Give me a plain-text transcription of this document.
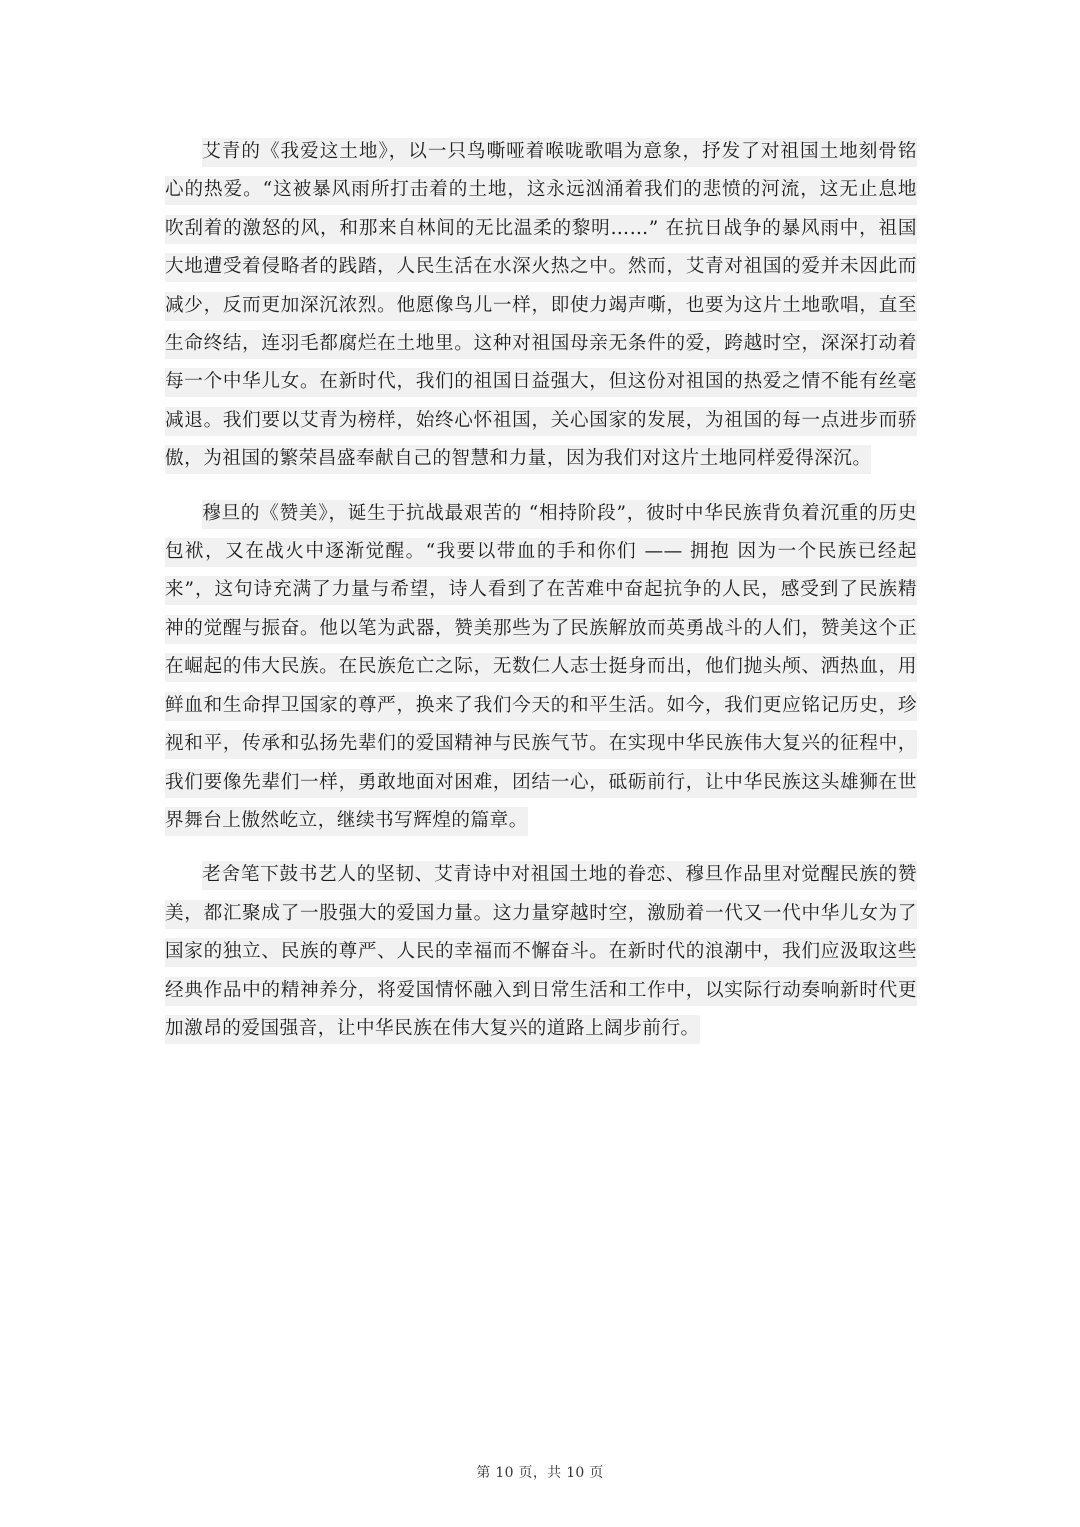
艾青的《我爱这土地》，以一只鸟嘶哑着喉咙歌唱为意象，抒发了对祖国土地刻骨铭心的热爱。“这被暴风雨所打击着的土地，这永远汹涌着我们的悲愤的河流，这无止息地吹刮着的激怒的风，和那来自林间的无比温柔的黎明……” 在抗日战争的暴风雨中，祖国大地遭受着侵略者的践踏，人民生活在水深火热之中。然而，艾青对祖国的爱并未因此而减少，反而更加深沉浓烈。他愿像鸟儿一样，即使力竭声嘶，也要为这片土地歌唱，直至生命终结，连羽毛都腐烂在土地里。这种对祖国母亲无条件的爱，跨越时空，深深打动着每一个中华儿女。在新时代，我们的祖国日益强大，但这份对祖国的热爱之情不能有丝毫减退。我们要以艾青为榜样，始终心怀祖国，关心国家的发展，为祖国的每一点进步而骄傲，为祖国的繁荣昌盛奉献自己的智慧和力量，因为我们对这片土地同样爱得深沉。

穆旦的《赞美》，诞生于抗战最艰苦的 “相持阶段”，彼时中华民族背负着沉重的历史包袱，又在战火中逐渐觉醒。“我要以带血的手和你们 —— 拥抱 因为一个民族已经起来”，这句诗充满了力量与希望，诗人看到了在苦难中奋起抗争的人民，感受到了民族精神的觉醒与振奋。他以笔为武器，赞美那些为了民族解放而英勇战斗的人们，赞美这个正在崛起的伟大民族。在民族危亡之际，无数仁人志士挺身而出，他们抛头颅、洒热血，用鲜血和生命捍卫国家的尊严，换来了我们今天的和平生活。如今，我们更应铭记历史，珍视和平，传承和弘扬先辈们的爱国精神与民族气节。在实现中华民族伟大复兴的征程中，我们要像先辈们一样，勇敢地面对困难，团结一心，砥砺前行，让中华民族这头雄狮在世界舞台上傲然屹立，继续书写辉煌的篇章。

老舍笔下鼓书艺人的坚韧、艾青诗中对祖国土地的眷恋、穆旦作品里对觉醒民族的赞美，都汇聚成了一股强大的爱国力量。这力量穿越时空，激励着一代又一代中华儿女为了国家的独立、民族的尊严、人民的幸福而不懈奋斗。在新时代的浪潮中，我们应汲取这些经典作品中的精神养分，将爱国情怀融入到日常生活和工作中，以实际行动奏响新时代更加激昂的爱国强音，让中华民族在伟大复兴的道路上阔步前行。

第 10 页，共 10 页
